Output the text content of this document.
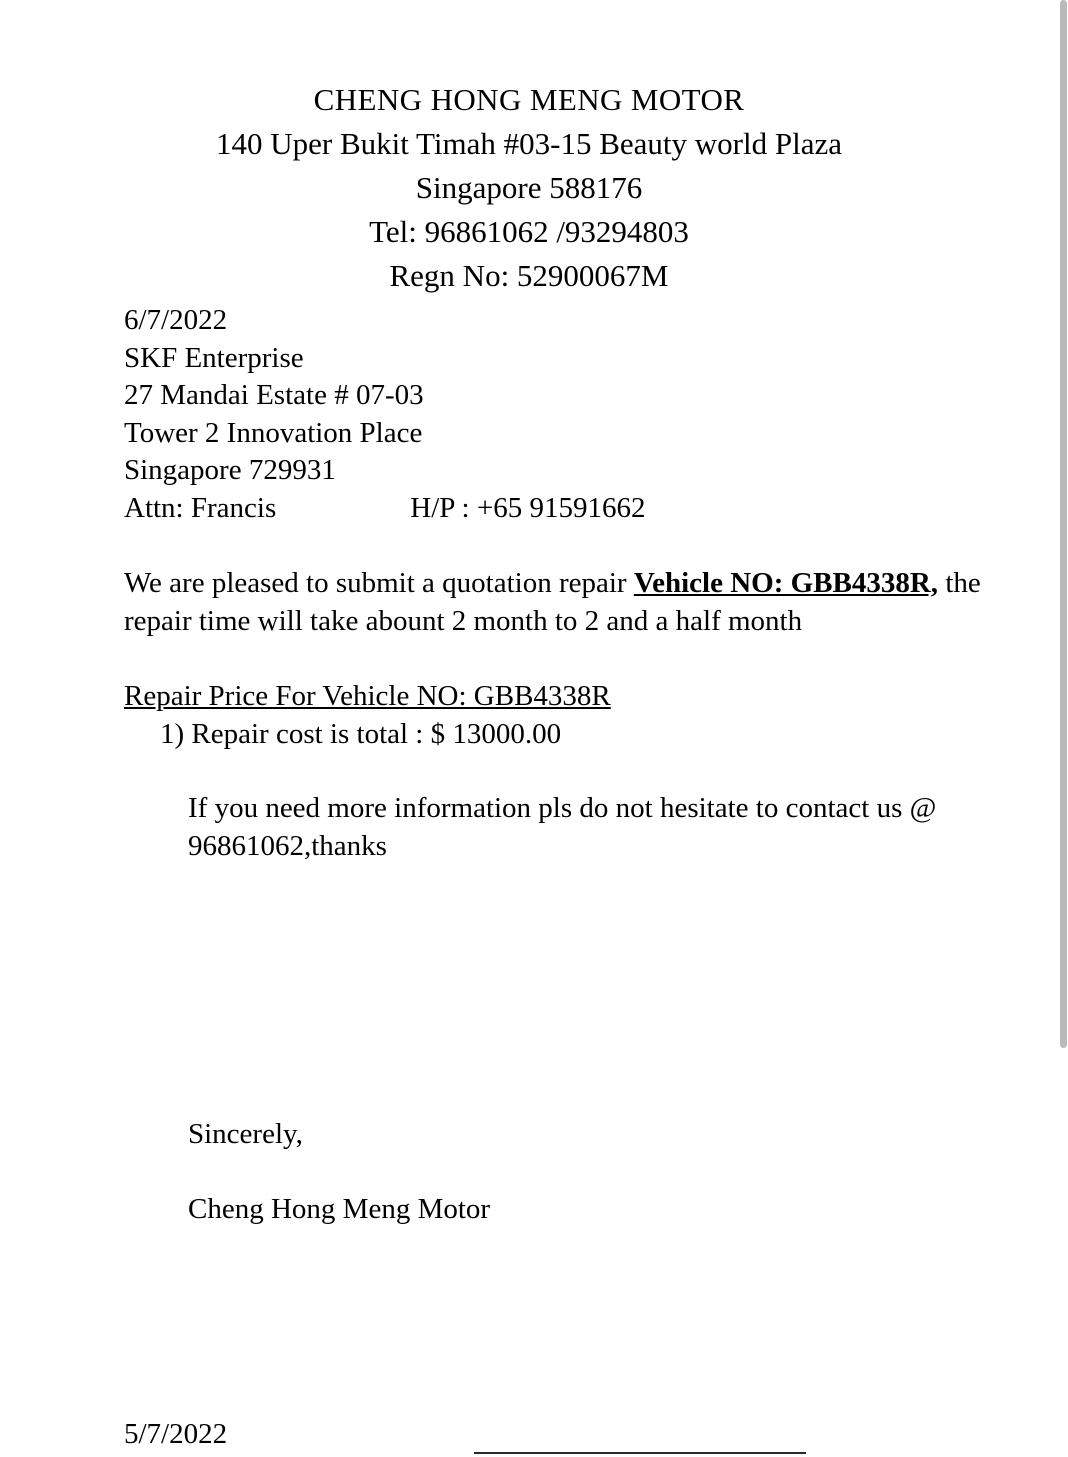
CHENG HONG MENG MOTOR
140 Uper Bukit Timah #03-15 Beauty world Plaza
Singapore 588176
Tel: 96861062 /93294803
Regn No: 52900067M
6/7/2022
SKF Enterprise
27 Mandai Estate # 07-03
Tower 2 Innovation Place
Singapore 729931
Attn: Francis	H/P : +65 91591662

We are pleased to submit a quotation repair Vehicle NO: GBB4338R, the repair time will take abount 2 month to 2 and a half month

Repair Price For Vehicle NO: GBB4338R

1) Repair cost is total : $ 13000.00

If you need more information pls do not hesitate to contact us @ 96861062,thanks

Sincerely,
Cheng Hong Meng Motor
5/7/2022
